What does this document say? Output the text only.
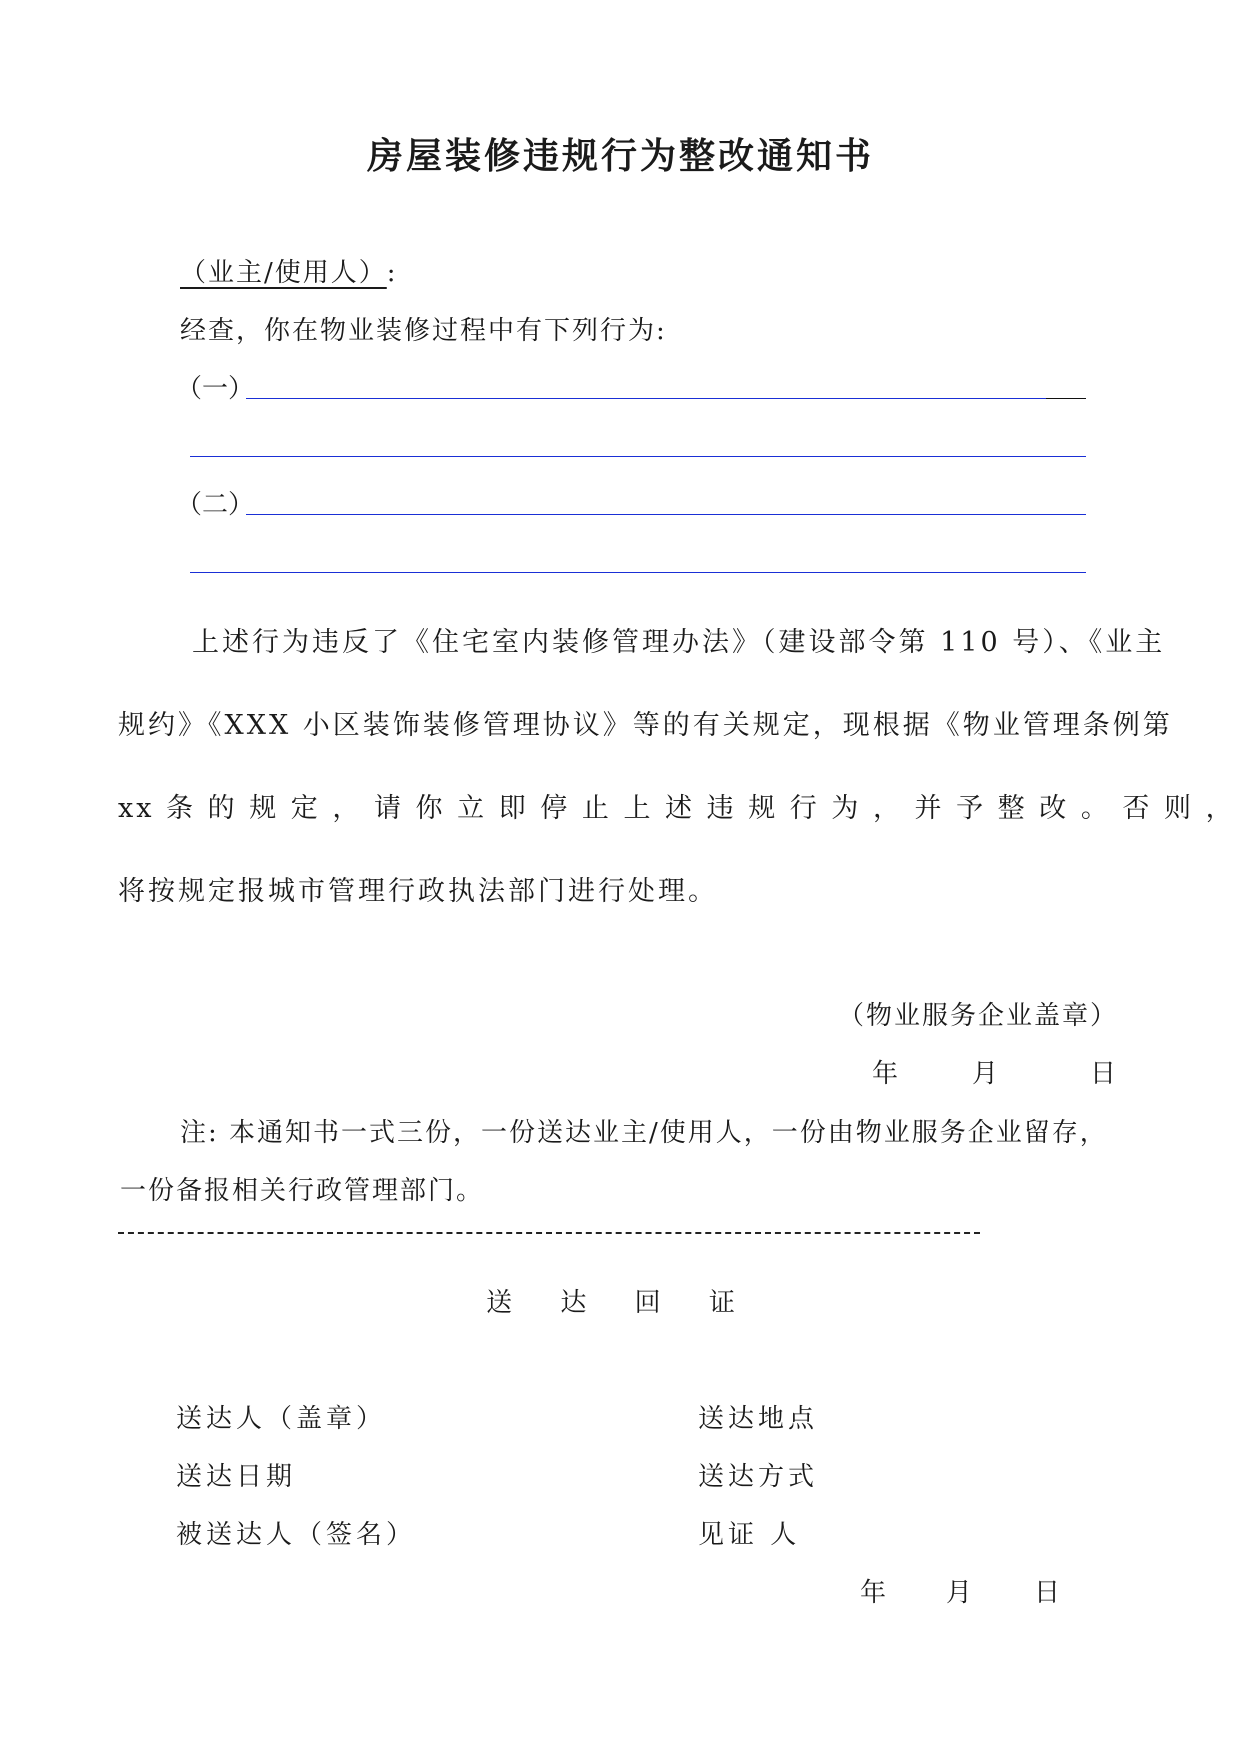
房屋装修违规行为整改通知书
（业主/使用人）:
经查，你在物业装修过程中有下列行为:
（一）
（二）
上述行为违反了《住宅室内装修管理办法》（建设部令第 110 号）、《业主
规约》《XXX 小区装饰装修管理协议》等的有关规定，现根据《物业管理条例第
xx 条 的 规 定 ， 请 你 立 即 停 止 上 述 违 规 行 为 ， 并 予 整 改 。 否 则 ，
将按规定报城市管理行政执法部门进行处理。
（物业服务企业盖章）
年	月	日
注: 本通知书一式三份，一份送达业主/使用人，一份由物业服务企业留存，
一份备报相关行政管理部门。
送 达 回 证
送达人（盖章）	送达地点
送达日期	送达方式
被送达人（签名）	见证 人
年 月 日
